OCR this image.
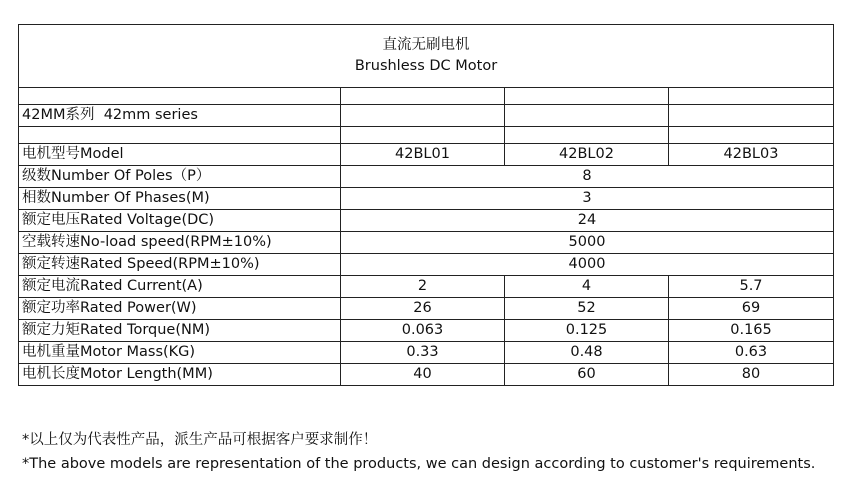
直流无刷电机
Brushless DC Motor			

42MM系列  42mm series			

电机型号Model	42BL01	42BL02	42BL03
级数Number Of Poles（P）	8		
相数Number Of Phases(M)	3		
额定电压Rated Voltage(DC)	24		
空载转速No-load speed(RPM±10%)	5000		
额定转速Rated Speed(RPM±10%)	4000		
额定电流Rated Current(A)	2	4	5.7
额定功率Rated Power(W)	26	52	69
额定力矩Rated Torque(NM)	0.063	0.125	0.165
电机重量Motor Mass(KG)	0.33	0.48	0.63
电机长度Motor Length(MM)	40	60	80
*以上仅为代表性产品，派生产品可根据客户要求制作！
*The above models are representation of the products, we can design according to customer's requirements.
